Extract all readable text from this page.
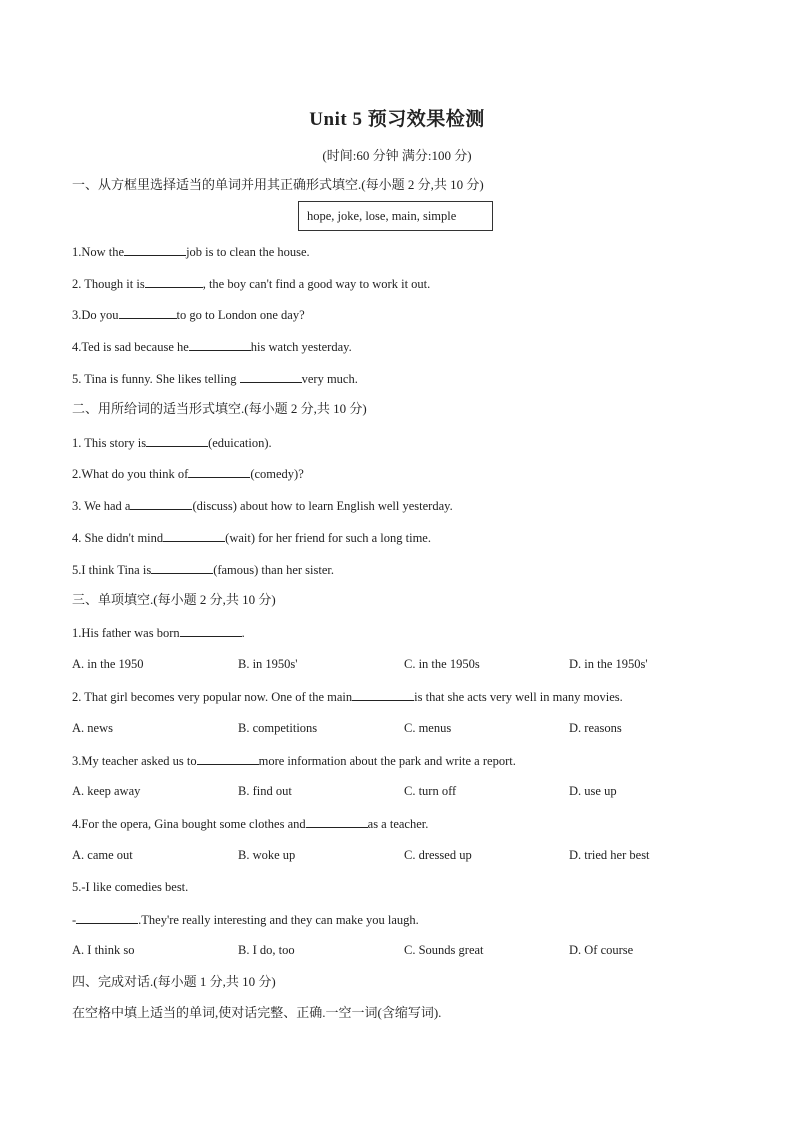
Unit 5 预习效果检测
(时间:60 分钟 满分:100 分)
一、从方框里选择适当的单词并用其正确形式填空.(每小题 2 分,共 10 分)
hope, joke, lose, main, simple
1.Now the	job is to clean the house.
2. Though it is	, the boy can't find a good way to work it out.
3.Do you	to go to London one day?
4.Ted is sad because he	his watch yesterday.
5. Tina is funny. She likes telling	very much.
二、用所给词的适当形式填空.(每小题 2 分,共 10 分)
1. This story is	(eduication).
2.What do you think of	(comedy)?
3. We had a	(discuss) about how to learn English well yesterday.
4. She didn't mind	(wait) for her friend for such a long time.
5.I think Tina is	(famous) than her sister.
三、单项填空.(每小题 2 分,共 10 分)
1.His father was born	.
A. in the 1950	B. in 1950s'	C. in the 1950s	D. in the 1950s'
2. That girl becomes very popular now. One of the main	is that she acts very well in many movies.
A. news	B. competitions	C. menus	D. reasons
3.My teacher asked us to	more information about the park and write a report.
A. keep away	B. find out	C. turn off	D. use up
4.For the opera, Gina bought some clothes and	as a teacher.
A. came out	B. woke up	C. dressed up	D. tried her best
5.-I like comedies best.
-	.They're really interesting and they can make you laugh.
A. I think so	B. I do, too	C. Sounds great	D. Of course
四、完成对话.(每小题 1 分,共 10 分)
在空格中填上适当的单词,使对话完整、正确.一空一词(含缩写词).
